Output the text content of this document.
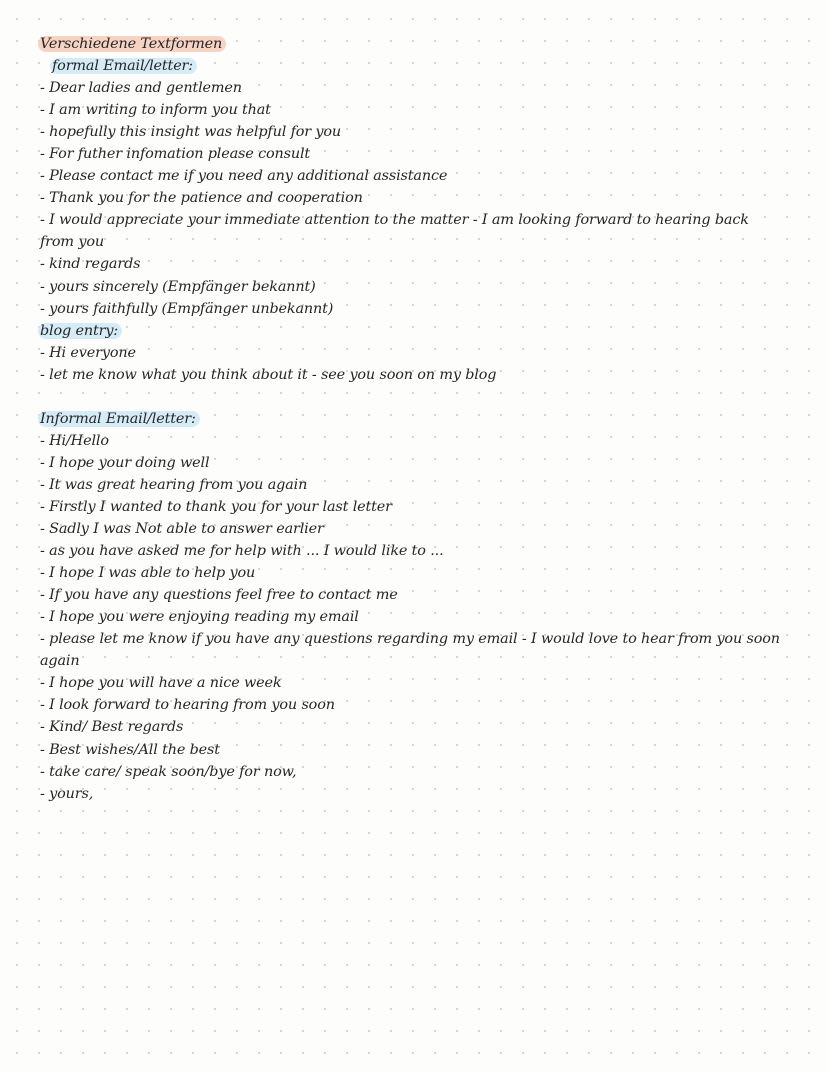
Verschiedene Textformen
formal Email/letter:
- Dear ladies and gentlemen
- I am writing to inform you that
- hopefully this insight was helpful for you
- For futher infomation please consult
- Please contact me if you need any additional assistance
- Thank you for the patience and cooperation
- I would appreciate your immediate attention to the matter - I am looking forward to hearing back from you
- kind regards
- yours sincerely (Empfänger bekannt)
- yours faithfully (Empfänger unbekannt)
blog entry:
- Hi everyone
- let me know what you think about it - see you soon on my blog
Informal Email/letter:
- Hi/Hello
- I hope your doing well
- It was great hearing from you again
- Firstly I wanted to thank you for your last letter
- Sadly I was Not able to answer earlier
- as you have asked me for help with ... I would like to ...
- I hope I was able to help you
- If you have any questions feel free to contact me
- I hope you were enjoying reading my email
- please let me know if you have any questions regarding my email - I would love to hear from you soon again
- I hope you will have a nice week
- I look forward to hearing from you soon
- Kind/ Best regards
- Best wishes/All the best
- take care/ speak soon/bye for now,
- yours,
